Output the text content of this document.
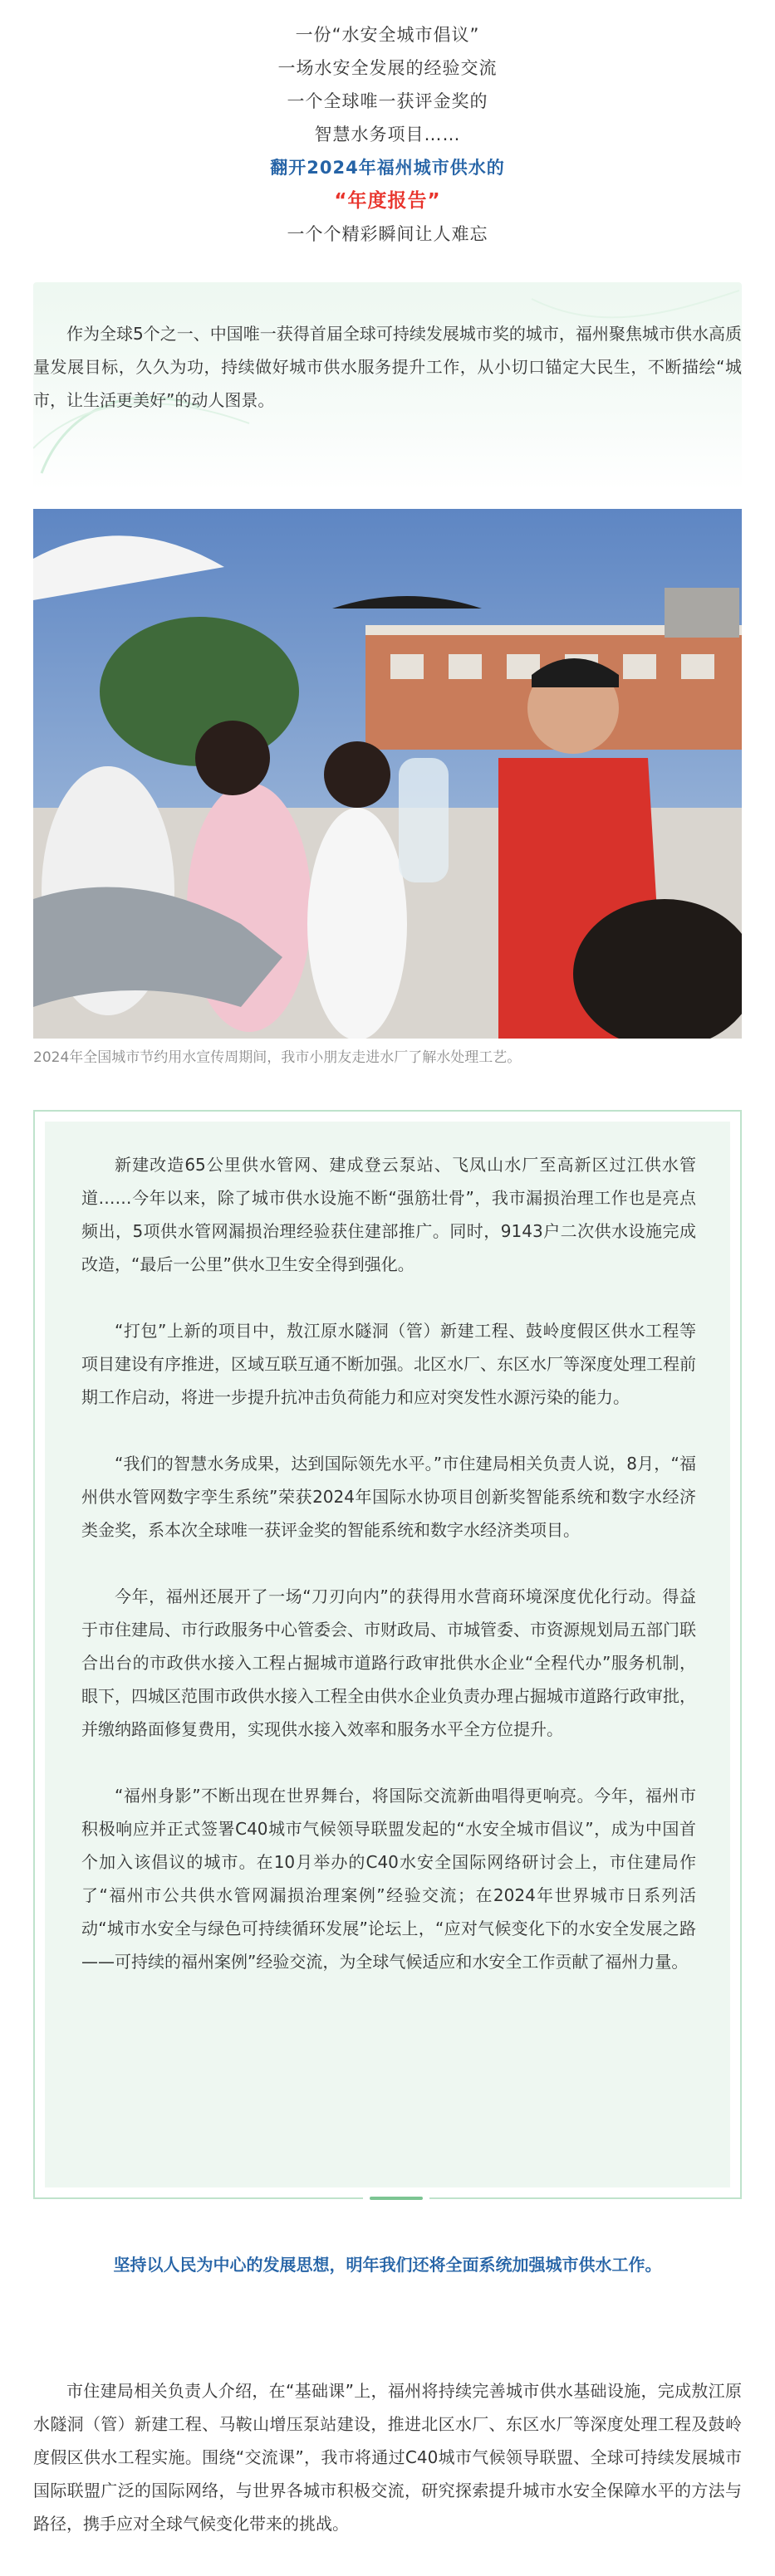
一份“水安全城市倡议”
一场水安全发展的经验交流
一个全球唯一获评金奖的
智慧水务项目……
翻开2024年福州城市供水的
“年度报告”
一个个精彩瞬间让人难忘
作为全球5个之一、中国唯一获得首届全球可持续发展城市奖的城市，福州聚焦城市供水高质量发展目标，久久为功，持续做好城市供水服务提升工作，从小切口锚定大民生，不断描绘“城市，让生活更美好”的动人图景。
2024年全国城市节约用水宣传周期间，我市小朋友走进水厂了解水处理工艺。

新建改造65公里供水管网、建成登云泵站、飞凤山水厂至高新区过江供水管道……今年以来，除了城市供水设施不断“强筋壮骨”，我市漏损治理工作也是亮点频出，5项供水管网漏损治理经验获住建部推广。同时，9143户二次供水设施完成改造，“最后一公里”供水卫生安全得到强化。

“打包”上新的项目中，敖江原水隧洞（管）新建工程、鼓岭度假区供水工程等项目建设有序推进，区域互联互通不断加强。北区水厂、东区水厂等深度处理工程前期工作启动，将进一步提升抗冲击负荷能力和应对突发性水源污染的能力。

“我们的智慧水务成果，达到国际领先水平。”市住建局相关负责人说，8月，“福州供水管网数字孪生系统”荣获2024年国际水协项目创新奖智能系统和数字水经济类金奖，系本次全球唯一获评金奖的智能系统和数字水经济类项目。

今年，福州还展开了一场“刀刃向内”的获得用水营商环境深度优化行动。得益于市住建局、市行政服务中心管委会、市财政局、市城管委、市资源规划局五部门联合出台的市政供水接入工程占掘城市道路行政审批供水企业“全程代办”服务机制，眼下，四城区范围市政供水接入工程全由供水企业负责办理占掘城市道路行政审批，并缴纳路面修复费用，实现供水接入效率和服务水平全方位提升。

“福州身影”不断出现在世界舞台，将国际交流新曲唱得更响亮。今年，福州市积极响应并正式签署C40城市气候领导联盟发起的“水安全城市倡议”，成为中国首个加入该倡议的城市。在10月举办的C40水安全国际网络研讨会上，市住建局作了“福州市公共供水管网漏损治理案例”经验交流；在2024年世界城市日系列活动“城市水安全与绿色可持续循环发展”论坛上，“应对气候变化下的水安全发展之路——可持续的福州案例”经验交流，为全球气候适应和水安全工作贡献了福州力量。

坚持以人民为中心的发展思想，明年我们还将全面系统加强城市供水工作。
市住建局相关负责人介绍，在“基础课”上，福州将持续完善城市供水基础设施，完成敖江原水隧洞（管）新建工程、马鞍山增压泵站建设，推进北区水厂、东区水厂等深度处理工程及鼓岭度假区供水工程实施。围绕“交流课”，我市将通过C40城市气候领导联盟、全球可持续发展城市国际联盟广泛的国际网络，与世界各城市积极交流，研究探索提升城市水安全保障水平的方法与路径，携手应对全球气候变化带来的挑战。
